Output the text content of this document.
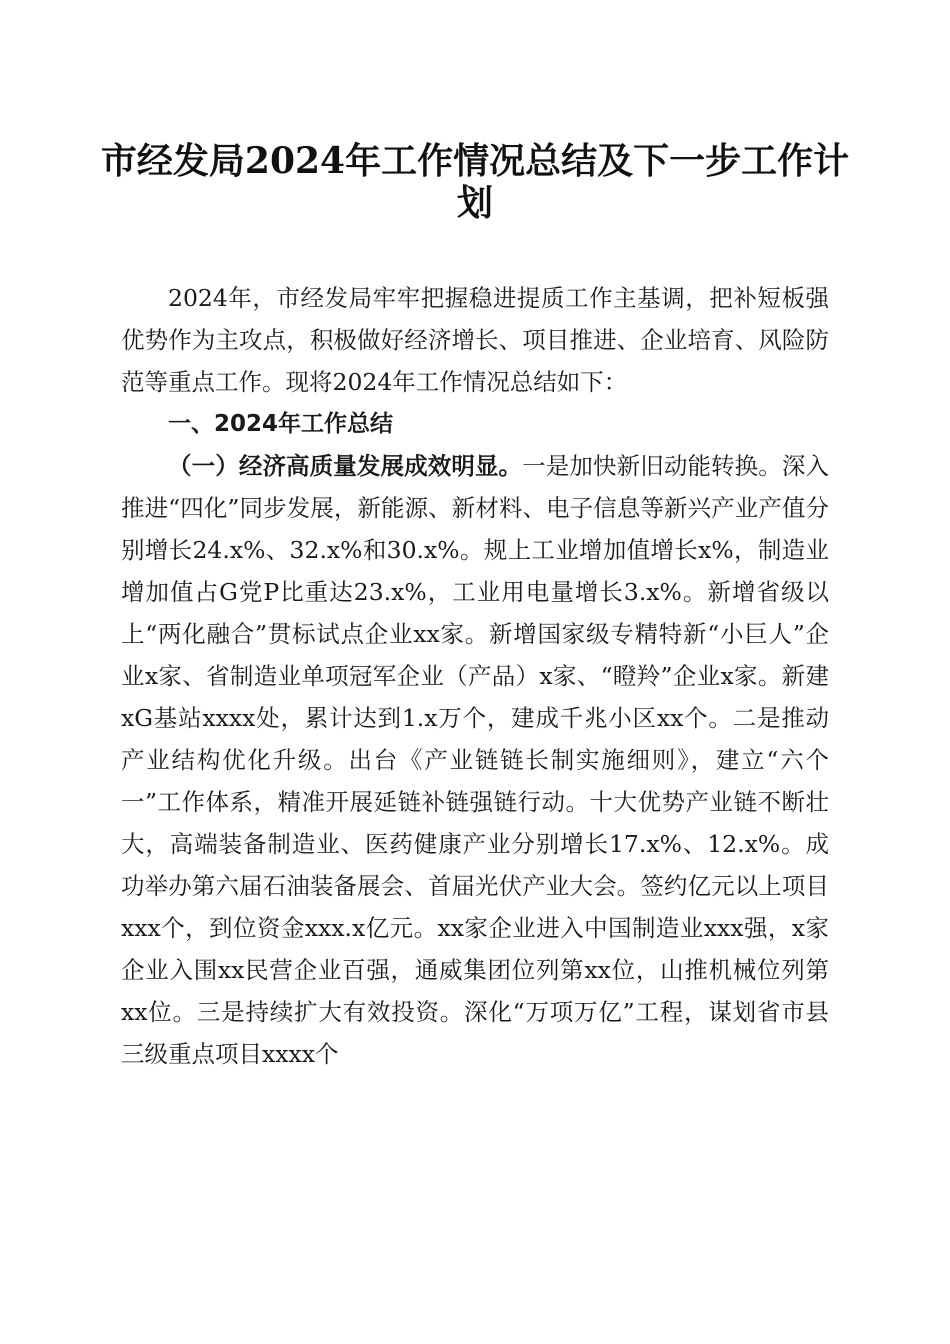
市经发局2024年工作情况总结及下一步工作计划

2024年，市经发局牢牢把握稳进提质工作主基调，把补短板强优势作为主攻点，积极做好经济增长、项目推进、企业培育、风险防范等重点工作。现将2024年工作情况总结如下：

一、2024年工作总结

（一）经济高质量发展成效明显。一是加快新旧动能转换。深入推进“四化”同步发展，新能源、新材料、电子信息等新兴产业产值分别增长24.x%、32.x%和30.x%。规上工业增加值增长x%，制造业增加值占G党P比重达23.x%，工业用电量增长3.x%。新增省级以上“两化融合”贯标试点企业xx家。新增国家级专精特新“小巨人”企业x家、省制造业单项冠军企业（产品）x家、“瞪羚”企业x家。新建xG基站xxxx处，累计达到1.x万个，建成千兆小区xx个。二是推动产业结构优化升级。出台《产业链链长制实施细则》，建立“六个一”工作体系，精准开展延链补链强链行动。十大优势产业链不断壮大，高端装备制造业、医药健康产业分别增长17.x%、12.x%。成功举办第六届石油装备展会、首届光伏产业大会。签约亿元以上项目xxx个，到位资金xxx.x亿元。xx家企业进入中国制造业xxx强，x家企业入围xx民营企业百强，通威集团位列第xx位，山推机械位列第xx位。三是持续扩大有效投资。深化“万项万亿”工程，谋划省市县三级重点项目xxxx个
